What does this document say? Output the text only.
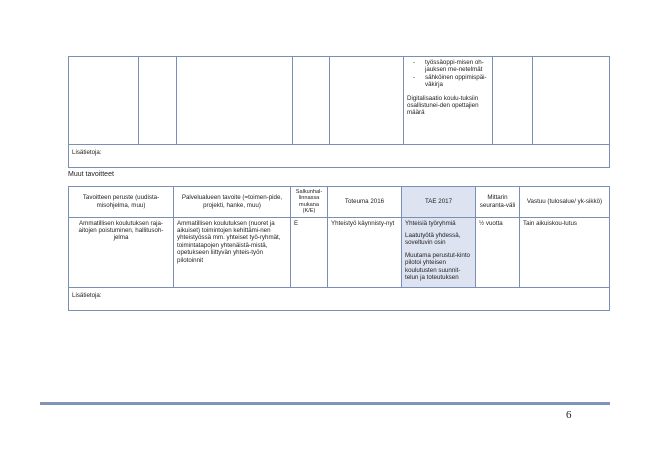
- työssäoppi-misen oh-jauksen me-netelmät
- sähköinen oppimispäi-väkirja

Digitalisaatio koulu-tuksiin osallistunei-den opettajien määrä

Lisätietoja:
Muut tavoitteet
Tavoitteen peruste (uudista-misohjelma, muu)	Palvelualueen tavoite (=toimen-pide, projekti, hanke, muu)	Salkunhal-linnassa mukana (K/E)	Toteuma 2016	TAE 2017	Mittarin seuranta-väli	Vastuu (tulosalue/ yk-sikkö)
Ammatillisen koulutuksen raja-aitojen poistuminen, hallitusoh-jelma	Ammatillisen koulutuksen (nuoret ja aikuiset) toimintojen kehittämi-nen yhteistyössä mm. yhteiset työ-ryhmät, toimintatapojen yhtenäistä-mistä, opetukseen liittyvän yhteis-työn pilotoinnit	E	Yhteistyö käynnisty-nyt	Yhteisiä työryhmiä

Laatutyötä yhdessä, soveltuvin osin

Muutama perustut-kinto pilotoi yhteisen koulutusten suunnit-telun ja toteutuksen	½ vuotta	Tain aikuiskou-lutus
Lisätietoja:						
6
